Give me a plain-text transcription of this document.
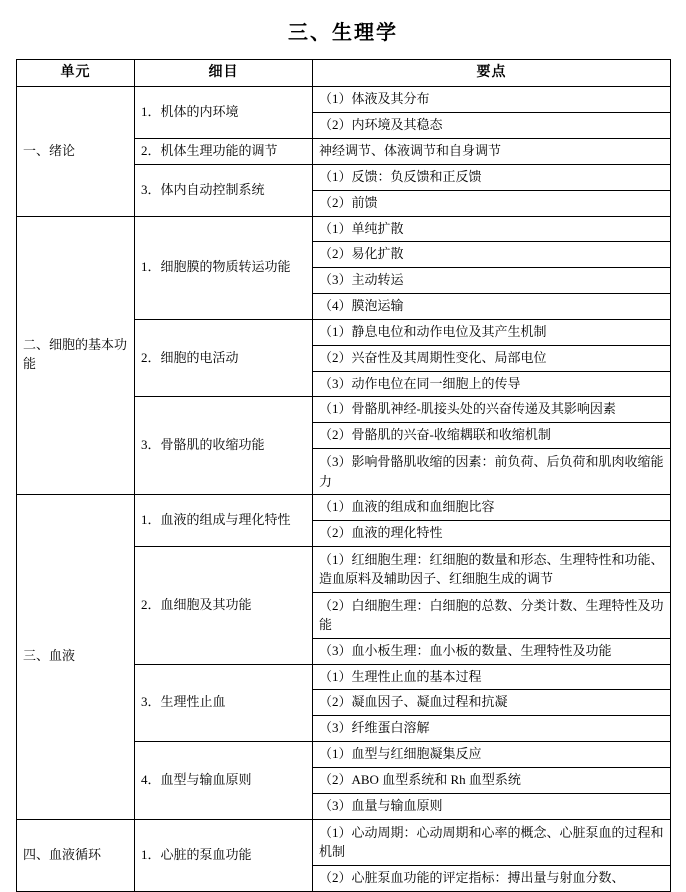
三、生理学
单元	细目	要点
一、绪论	1．机体的内环境	（1）体液及其分布
		（2）内环境及其稳态
	2．机体生理功能的调节	神经调节、体液调节和自身调节
	3．体内自动控制系统	（1）反馈：负反馈和正反馈
		（2）前馈
二、细胞的基本功能	1．细胞膜的物质转运功能	（1）单纯扩散
		（2）易化扩散
		（3）主动转运
		（4）膜泡运输
	2．细胞的电活动	（1）静息电位和动作电位及其产生机制
		（2）兴奋性及其周期性变化、局部电位
		（3）动作电位在同一细胞上的传导
	3．骨骼肌的收缩功能	（1）骨骼肌神经-肌接头处的兴奋传递及其影响因素
		（2）骨骼肌的兴奋-收缩耦联和收缩机制
		（3）影响骨骼肌收缩的因素：前负荷、后负荷和肌肉收缩能力
三、血液	1．血液的组成与理化特性	（1）血液的组成和血细胞比容
		（2）血液的理化特性
	2．血细胞及其功能	（1）红细胞生理：红细胞的数量和形态、生理特性和功能、造血原料及辅助因子、红细胞生成的调节
		（2）白细胞生理：白细胞的总数、分类计数、生理特性及功能
		（3）血小板生理：血小板的数量、生理特性及功能
	3．生理性止血	（1）生理性止血的基本过程
		（2）凝血因子、凝血过程和抗凝
		（3）纤维蛋白溶解
	4．血型与输血原则	（1）血型与红细胞凝集反应
		（2）ABO 血型系统和 Rh 血型系统
		（3）血量与输血原则
四、血液循环	1．心脏的泵血功能	（1）心动周期：心动周期和心率的概念、心脏泵血的过程和机制
		（2）心脏泵血功能的评定指标：搏出量与射血分数、
